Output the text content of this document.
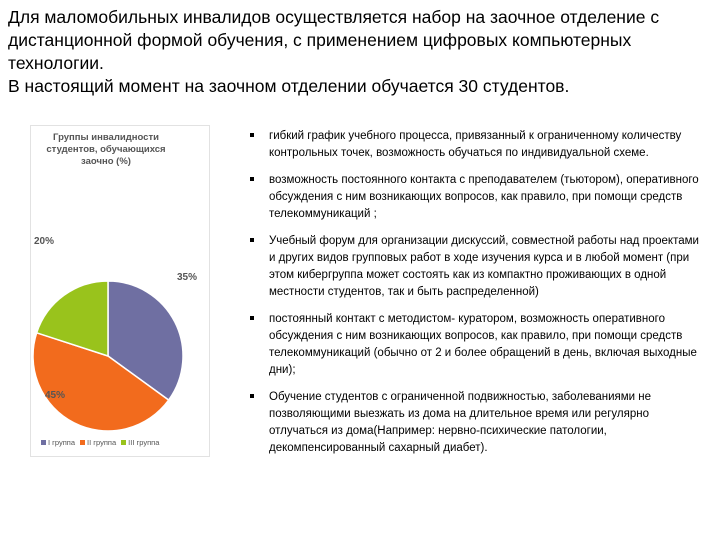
Для маломобильных инвалидов осуществляется набор на заочное отделение с дистанционной формой обучения, с применением цифровых компьютерных технологии.

В настоящий момент на заочном отделении обучается 30 студентов.

Группы инвалидности студентов, обучающихся заочно (%)
35%
45%
20%
I группа II группа III группа
гибкий график учебного процесса, привязанный к ограниченному количеству контрольных точек, возможность обучаться по индивидуальной схеме.
возможность постоянного контакта с преподавателем (тьютором), оперативного обсуждения с ним возникающих вопросов, как правило, при помощи средств телекоммуникаций ;
Учебный форум для организации дискуссий, совместной работы над проектами и других видов групповых работ в ходе изучения курса и в любой момент (при этом кибергруппа может состоять как из компактно проживающих в одной местности студентов, так и быть распределенной)
постоянный контакт с методистом- куратором, возможность оперативного обсуждения с ним возникающих вопросов, как правило, при помощи средств телекоммуникаций (обычно от 2 и более обращений в день, включая выходные дни);
Обучение студентов с ограниченной подвижностью, заболеваниями не позволяющими выезжать из дома на длительное время или регулярно отлучаться из дома(Например: нервно-психические патологии, декомпенсированный сахарный диабет).
